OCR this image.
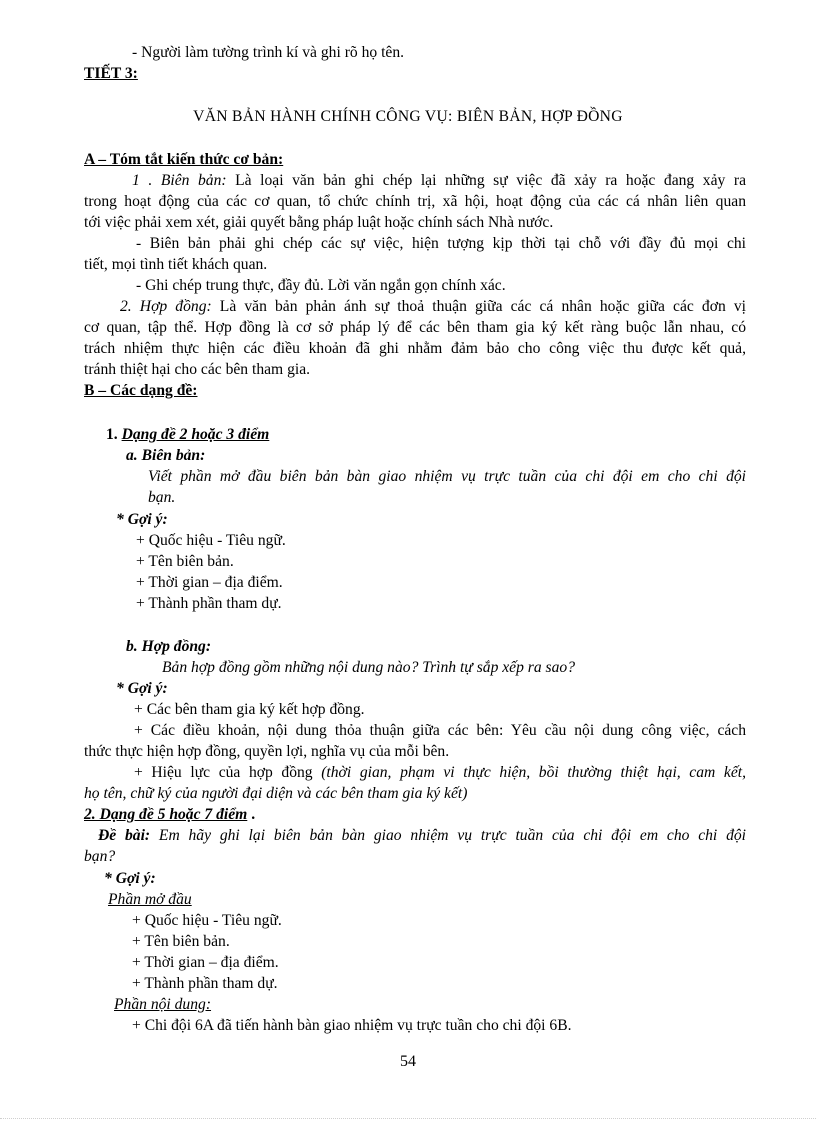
- Người làm tường trình kí và ghi rõ họ tên.
TIẾT 3:
VĂN BẢN HÀNH CHÍNH CÔNG VỤ: BIÊN BẢN, HỢP ĐỒNG
A – Tóm tắt kiến thức cơ bản:
1 . Biên bản: Là loại văn bản ghi chép lại những sự việc đã xảy ra hoặc đang xảy ra
trong hoạt động của các cơ quan, tổ chức chính trị, xã hội, hoạt động của các cá nhân liên quan
tới việc phải xem xét, giải quyết bằng pháp luật hoặc chính sách Nhà nước.
- Biên bản phải ghi chép các sự việc, hiện tượng kịp thời tại chỗ với đầy đủ mọi chi
tiết, mọi tình tiết khách quan.
- Ghi chép trung thực, đầy đủ. Lời văn ngắn gọn chính xác.
2. Hợp đồng: Là văn bản phản ánh sự thoả thuận giữa các cá nhân hoặc giữa các đơn vị
cơ quan, tập thể. Hợp đồng là cơ sở pháp lý để các bên tham gia ký kết ràng buộc lẫn nhau, có
trách nhiệm thực hiện các điều khoản đã ghi nhằm đảm bảo cho công việc thu được kết quả,
tránh thiệt hại cho các bên tham gia.
B – Các dạng đề:
1. Dạng đề 2 hoặc 3 điểm
a. Biên bản:
Viết phần mở đầu biên bản bàn giao nhiệm vụ trực tuần của chi đội em cho chi đội
bạn.
* Gợi ý:
+ Quốc hiệu - Tiêu ngữ.
+ Tên biên bản.
+ Thời gian – địa điểm.
+ Thành phần tham dự.
b. Hợp đồng:
Bản hợp đồng gồm những nội dung nào? Trình tự sắp xếp ra sao?
* Gợi ý:
+ Các bên tham gia ký kết hợp đồng.
+ Các điều khoản, nội dung thỏa thuận giữa các bên: Yêu cầu nội dung công việc, cách
thức thực hiện hợp đồng, quyền lợi, nghĩa vụ của mỗi bên.
+ Hiệu lực của hợp đồng (thời gian, phạm vi thực hiện, bồi thường thiệt hại, cam kết,
họ tên, chữ ký của người đại diện và các bên tham gia ký kết)
2. Dạng đề 5 hoặc 7 điểm .
Đề bài: Em hãy ghi lại biên bản bàn giao nhiệm vụ trực tuần của chi đội em cho chi đội
bạn?
* Gợi ý:
Phần mở đầu
+ Quốc hiệu - Tiêu ngữ.
+ Tên biên bản.
+ Thời gian – địa điểm.
+ Thành phần tham dự.
Phần nội dung:
+ Chi đội 6A đã tiến hành bàn giao nhiệm vụ trực tuần cho chi đội 6B.
54
